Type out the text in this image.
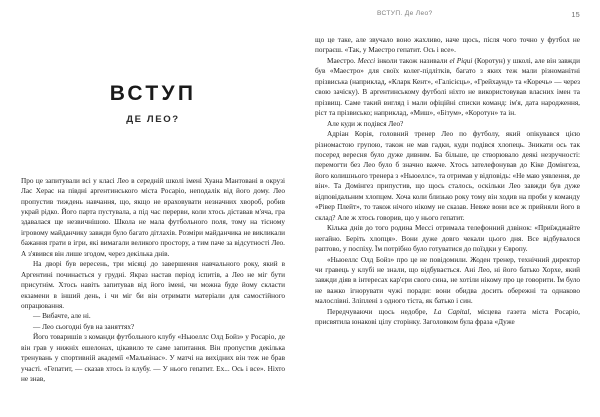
ВСТУП
ДЕ ЛЕО?

Про це запитували всі у класі Лео в середній школі імені Хуана Мантованi в окрузі Лас Херас на півдні аргентинського міста Росаріо, неподалік від його дому. Лео пропустив тиждень навчання, що, якщо не враховувати незначних хвороб, робив украй рідко. Його парта пустувала, а під час перерви, коли хтось діставав м'яча, гра здавалася ще незвичнішою. Школа не мала футбольного поля, тому на тісному ігровому майданчику завжди було багато дітлахів. Розміри майданчика не викликали бажання грати в ігри, які вимагали великого простору, а тим паче за відсутності Лео. А з'явився він лише згодом, через декілька днів.

На дворі був вересень, три місяці до завершення навчального року, який в Аргентині починається у грудні. Якраз настав період іспитів, а Лео не міг бути присутнім. Хтось навіть запитував від його імені, чи можна буде йому скласти екзамени в інший день, і чи міг би він отримати матеріали для самостійного опрацювання.

— Вибачте, але ні.

— Лео сьогодні був на заняттях?

Його товаришів з команди футбольного клубу «Ньюеллс Олд Бойз» у Росаріо, де він грав у нижніх ешелонах, цікавило те саме запитання. Він пропустив декілька тренувань у спортивній академії «Мальвінас». У матчі на вихідних він теж не брав участі. «Гепатит, — сказав хтось із клубу. — У нього гепатит. Ех... Ось і все». Ніхто не знав,

ВСТУП. Де Лео?	15

що це таке, але звучало воно жахливо, наче щось, після чого точно у футбол не пограєш. «Так, у Маестро гепатит. Ось і все».

Маестро. Мессі інколи також називали el Piqui (Коротун) у школі, але він завжди був «Маестро» для своїх колег-підлітків, багато з яких теж мали різноманітні прізвиська (наприклад, «Кларк Кент», «Галісієць», «Грейхаунд» та «Коречь» — через свою зачіску). В аргентинському футболі ніхто не використовував власних імен та прізвищ. Саме такий вигляд і мали офіційні списки команд: ім'я, дата народження, ріст та прізвисько; наприклад, «Миш», «Бітум», «Коротун» та ін.

Але куди ж подівся Лео?

Адріан Корія, головний тренер Лео по футболу, який опікувався цією різномастою групою, також не мав гадки, куди подівся хлопець. Зникати ось так посеред вересня було дуже дивним. Ба більше, це створювало деякі незручності: перемогти без Лео було б значно важче. Хтось зателефонував до Кіке Домінгеза, його колишнього тренера з «Ньюеллс», та отримав у відповідь: «Не маю уявлення, де він». Та Домінгез припустив, що щось сталось, оскільки Лео завжди був дуже відповідальним хлопцем. Хоча коли близько року тому він ходив на проби у команду «Рівер Плейт», то також нічого нікому не сказав. Невже вони все ж прийняли його в склад? Але ж хтось говорив, що у нього гепатит.

Кілька днів до того родина Мессі отримала телефонний дзвінок: «Приїжджайте негайно. Беріть хлопця». Вони дуже довго чекали цього дня. Все відбувалося раптово, у поспіху. Їм потрібно було готуватися до поїздки у Європу.

«Ньюеллс Олд Бойз» про це не повідомили. Жоден тренер, технічний директор чи гравець у клубі не знали, що відбувається. Ані Лео, ні його батько Хорхе, який завжди діяв в інтересах кар'єри свого сина, не хотіли нікому про це говорити. Їм було не важко ігнорувати чужі поради: вони обидва досить обережні та однаково малослівні. Зліплені з одного тіста, як батько і син.

Передчуваючи щось недобре, La Capital, місцева газета міста Росаріо, присвятила юнакові цілу сторінку. Заголовком була фраза «Дуже
